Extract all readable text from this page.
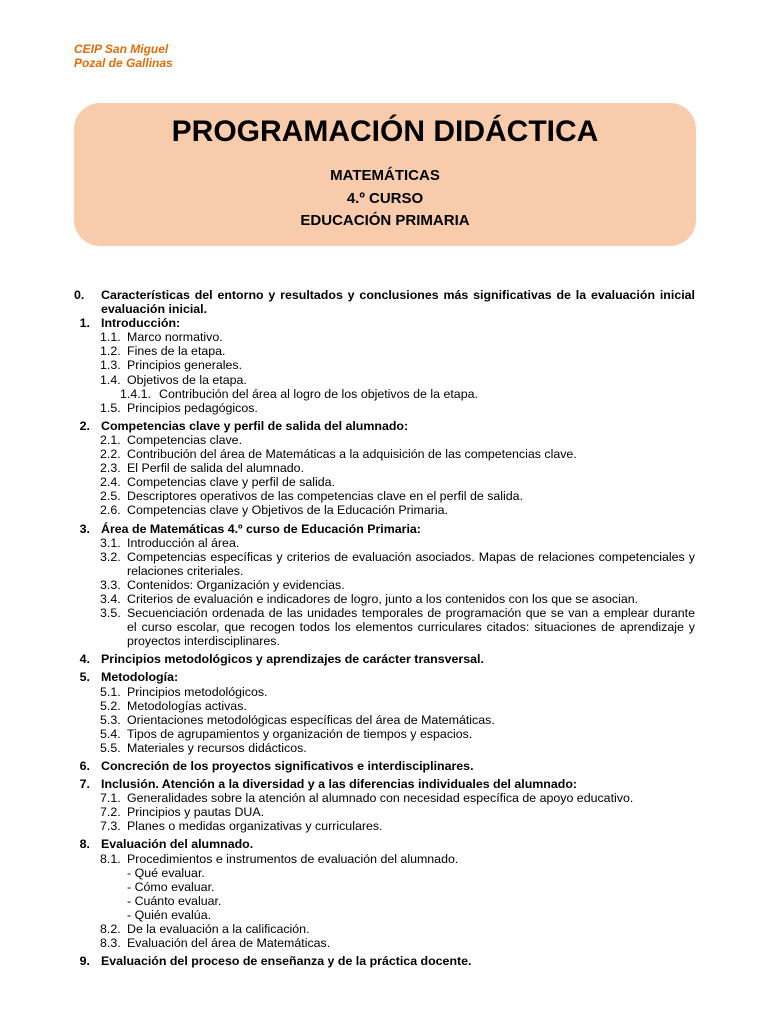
CEIP San Miguel
Pozal de Gallinas
PROGRAMACIÓN DIDÁCTICA
MATEMÁTICAS
4.º CURSO
EDUCACIÓN PRIMARIA
0.	Características del entorno y resultados y conclusiones más significativas de la evaluación inicial evaluación inicial.
1. Introducción:
1.1. Marco normativo.
1.2. Fines de la etapa.
1.3. Principios generales.
1.4. Objetivos de la etapa.
1.4.1. Contribución del área al logro de los objetivos de la etapa.
1.5. Principios pedagógicos.
2. Competencias clave y perfil de salida del alumnado:
2.1. Competencias clave.
2.2. Contribución del área de Matemáticas a la adquisición de las competencias clave.
2.3. El Perfil de salida del alumnado.
2.4. Competencias clave y perfil de salida.
2.5. Descriptores operativos de las competencias clave en el perfil de salida.
2.6. Competencias clave y Objetivos de la Educación Primaria.
3. Área de Matemáticas 4.º curso de Educación Primaria:
3.1. Introducción al área.
3.2. Competencias específicas y criterios de evaluación asociados. Mapas de relaciones competenciales y relaciones criteriales.
3.3. Contenidos: Organización y evidencias.
3.4. Criterios de evaluación e indicadores de logro, junto a los contenidos con los que se asocian.
3.5. Secuenciación ordenada de las unidades temporales de programación que se van a emplear durante el curso escolar, que recogen todos los elementos curriculares citados: situaciones de aprendizaje y proyectos interdisciplinares.
4. Principios metodológicos y aprendizajes de carácter transversal.
5. Metodología:
5.1. Principios metodológicos.
5.2. Metodologías activas.
5.3. Orientaciones metodológicas específicas del área de Matemáticas.
5.4. Tipos de agrupamientos y organización de tiempos y espacios.
5.5. Materiales y recursos didácticos.
6. Concreción de los proyectos significativos e interdisciplinares.
7. Inclusión. Atención a la diversidad y a las diferencias individuales del alumnado:
7.1. Generalidades sobre la atención al alumnado con necesidad específica de apoyo educativo.
7.2. Principios y pautas DUA.
7.3. Planes o medidas organizativas y curriculares.
8. Evaluación del alumnado.
8.1. Procedimientos e instrumentos de evaluación del alumnado.
- Qué evaluar.
- Cómo evaluar.
- Cuánto evaluar.
- Quién evalúa.
8.2. De la evaluación a la calificación.
8.3. Evaluación del área de Matemáticas.
9. Evaluación del proceso de enseñanza y de la práctica docente.
